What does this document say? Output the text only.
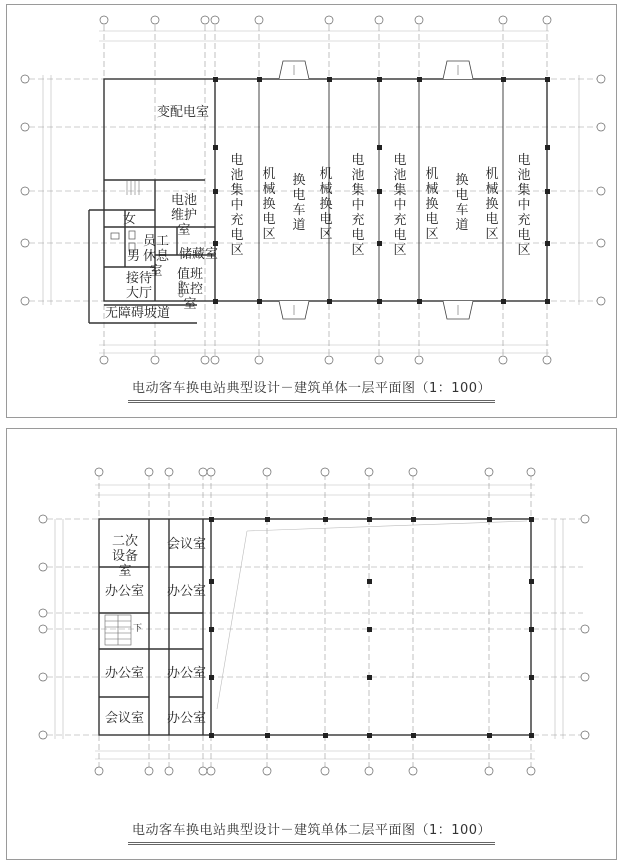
变配电室
电池维护室
女
男
员工休息室
储藏室
接待大厅
值班监控室
无障碍坡道
电池集中充电区
机械换电区
换电车道
机械换电区
电池集中充电区
电池集中充电区
机械换电区
换电车道
机械换电区
电池集中充电区
电动客车换电站典型设计－建筑单体一层平面图（1：100）
二次设备室
会议室
办公室 办公室
办公室 办公室
会议室 办公室
下
电动客车换电站典型设计－建筑单体二层平面图（1：100）
